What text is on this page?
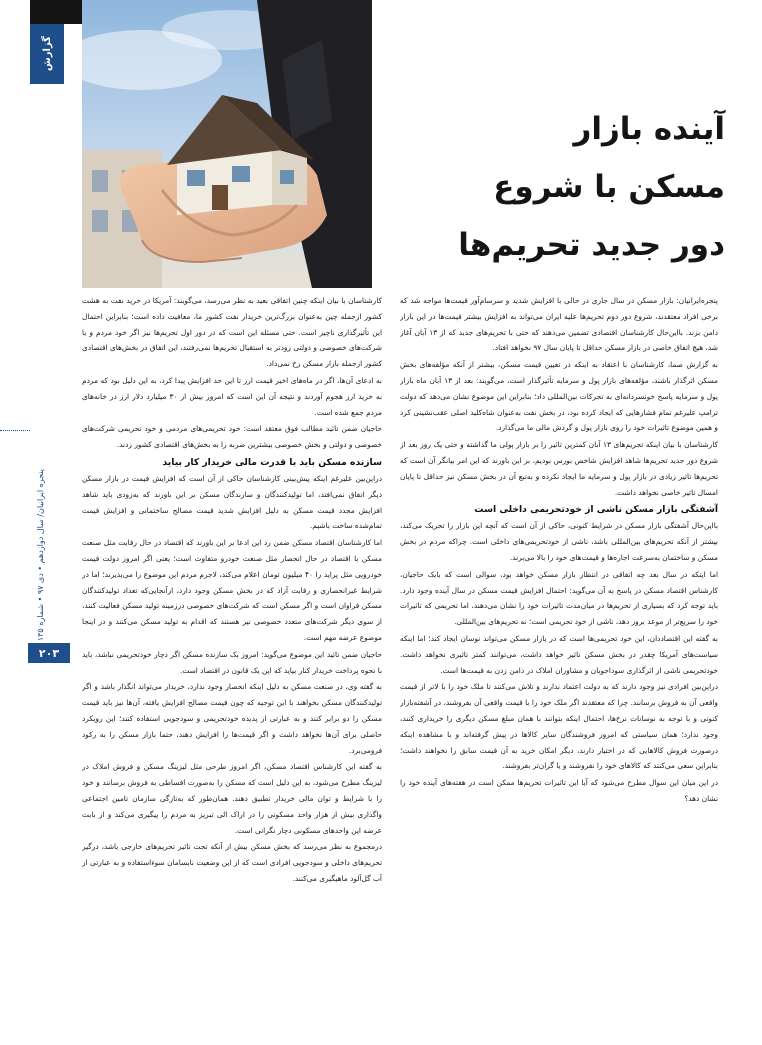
گزارش
پنجره ایرانیان/ سال دوازدهم • دی ۹۷ • شماره ۱۳۵
۲۰۳
آینده بازار
مسکن با شروع
دور جدید تحریم‌ها

پنجره‌ایرانیان: بازار مسکن در سال جاری در حالی با افزایش شدید و سرسام‌آور قیمت‌ها مواجه شد که برخی افراد معتقدند، شروع دور دوم تحریم‌ها علیه ایران می‌تواند به افزایش بیشتر قیمت‌ها در این بازار دامن بزند. بااین‌حال کارشناسان اقتصادی تضمین می‌دهند که حتی با تحریم‌های جدید که از ۱۳ آبان آغاز شد، هیچ اتفاق خاصی در بازار مسکن حداقل تا پایان سال ۹۷ نخواهد افتاد.

به گزارش صما، کارشناسان با اعتقاد به اینکه در تعیین قیمت مسکن، بیشتر از آنکه مؤلفه‌های بخش مسکن اثرگذار باشند، مؤلفه‌های بازار پول و سرمایه تأثیرگذار است، می‌گویند: بعد از ۱۳ آبان ماه بازار پول و سرمایه پاسخ خونسردانه‌ای به تحرکات بین‌المللی داد؛ بنابراین این موضوع نشان می‌دهد که دولت ترامپ علیرغم تمام فشارهایی که ایجاد کرده بود، در بخش نفت به‌عنوان شاه‌کلید اصلی عقب‌نشینی کرد و همین موضوع تاثیرات خود را روی بازار پول و گردش مالی ما می‌گذارد.

کارشناسان با بیان اینکه تحریم‌های ۱۳ آبان کمترین تاثیر را بر بازار پولی ما گذاشته و حتی یک روز بعد از شروع دور جدید تحریم‌ها شاهد افزایش شاخص بورس بودیم، بر این باورند که این امر بیانگر آن است که تحریم‌ها تاثیر زیادی در بازار پول و سرمایه ما ایجاد نکرده و به‌تبع آن در بخش مسکن نیز حداقل تا پایان امسال تاثیر خاصی نخواهد داشت.

آشفتگی بازار مسکن ناشی از خودتحریمی داخلی است

بااین‌حال آشفتگی بازار مسکن در شرایط کنونی، حاکی از آن است که آنچه این بازار را تحریک می‌کند، بیشتر از آنکه تحریم‌های بین‌المللی باشد، ناشی از خودتحریمی‌های داخلی است. چراکه مردم در بخش مسکن و ساختمان به‌سرعت اجاره‌ها و قیمت‌های خود را بالا می‌برند.

اما اینکه در سال بعد چه اتفاقی در انتظار بازار مسکن خواهد بود، سوالی است که بابک حاجیان، کارشناس اقتصاد مسکن در پاسخ به آن می‌گوید: احتمال افزایش قیمت مسکن در سال آینده وجود دارد. باید توجه کرد که بسیاری از تحریم‌ها در میان‌مدت تاثیرات خود را نشان می‌دهند، اما تحریمی که تاثیرات خود را سریع‌تر از موعد بروز دهد، ناشی از خود تحریمی است؛ نه تحریم‌های بین‌المللی.

به گفته این اقتصاددان، این خود تحریمی‌ها است که در بازار مسکن می‌تواند نوسان ایجاد کند؛ اما اینکه سیاست‌های آمریکا چقدر در بخش مسکن تاثیر خواهد داشت، می‌توانند کمتر تاثیری نخواهد داشت. خودتحریمی ناشی از اثرگذاری سوداجویان و مشاوران املاک در دامن زدن به قیمت‌ها است.

دراین‌بین افرادی نیز وجود دارند که به دولت اعتماد ندارند و تلاش می‌کنند تا ملک خود را با لاتر از قیمت واقعی آن به فروش برسانند. چرا که معتقدند اگر ملک خود را با قیمت واقعی آن بفروشند، در آشفته‌بازار کنونی و با توجه به نوسانات نرخ‌ها، احتمال اینکه بتوانند با همان مبلغ مسکن دیگری را خریداری کنند، وجود ندارد؛ همان سیاستی که امروز فروشندگان سایر کالاها در پیش گرفته‌اند و با مشاهده اینکه درصورت فروش کالاهایی که در اختیار دارند، دیگر امکان خرید به آن قیمت سابق را نخواهند داشت؛ بنابراین سعی می‌کنند که کالاهای خود را نفروشند و یا گران‌تر بفروشند.

در این میان این سوال مطرح می‌شود که آیا این تاثیرات تحریم‌ها ممکن است در هفته‌های آینده خود را نشان دهد؟

کارشناسان با بیان اینکه چنین اتفاقی بعید به نظر می‌رسد، می‌گویند: آمریکا در خرید نفت به هشت کشور ازجمله چین به‌عنوان بزرگ‌ترین خریدار نفت کشور ما، معافیت داده است؛ بنابراین احتمال این تأثیرگذاری ناچیز است. حتی مسئله این است که در دور اول تحریم‌ها نیز اگر خود مردم و یا شرکت‌های خصوصی و دولتی زودتر به استقبال تحریم‌ها نمی‌رفتند، این اتفاق در بخش‌های اقتصادی کشور ازجمله بازار مسکن رخ نمی‌داد.

به ادعای آن‌ها، اگر در ماه‌های اخیر قیمت ارز تا این حد افزایش پیدا کرد، به این دلیل بود که مردم به خرید ارز هجوم آوردند و نتیجه آن این است که امروز بیش از ۳۰ میلیارد دلار ارز در خانه‌های مردم جمع شده است.

حاجیان ضمن تائید مطالب فوق معتقد است: خود تحریمی‌های مردمی و خود تحریمی شرکت‌های خصوصی و دولتی و بخش خصوصی بیشترین ضربه را به بخش‌های اقتصادی کشور زدند.

سازنده مسکن باید با قدرت مالی خریدار کار بیاید

دراین‌بین علیرغم اینکه پیش‌بینی کارشناسان حاکی از آن است که افزایش قیمت در بازار مسکن دیگر اتفاق نمی‌افتد، اما تولیدکنندگان و سازندگان مسکن بر این باورند که به‌زودی باید شاهد افزایش مجدد قیمت مسکن به دلیل افزایش شدید قیمت مصالح ساختمانی و افزایش قیمت تمام‌شده ساخت باشیم.

اما کارشناسان اقتصاد مسکن ضمن رد این ادعا بر این باورند که اقتصاد در حال رقابت مثل صنعت مسکن با اقتصاد در حال انحصار مثل صنعت خودرو متفاوت است؛ یعنی اگر امروز دولت قیمت خودرویی مثل پراید را ۴۰ میلیون تومان اعلام می‌کند، لاجرم مردم این موضوع را می‌پذیرند؛ اما در شرایط غیرانحصاری و رقابت آزاد که در بخش مسکن وجود دارد، ازآنجایی‌که تعداد تولیدکنندگان مسکن فراوان است و اگر مسکن است که شرکت‌های خصوصی درزمینه تولید مسکن فعالیت کنند، از سوی دیگر شرکت‌های متعدد خصوصی نیز هستند که اقدام به تولید مسکن می‌کنند و در اینجا موضوع عرضه مهم است.

حاجیان ضمن تائید این موضوع می‌گوید: امروز یک سازنده مسکن اگر دچار خودتحریمی نباشد، باید با نحوه پرداخت خریدار کنار بیاید که این یک قانون در اقتصاد است.

به گفته وی، در صنعت مسکن به دلیل اینکه انحصار وجود ندارد، خریدار می‌تواند انگذار باشد و اگر تولیدکنندگان مسکن بخواهند با این توجیه که چون قیمت مصالح افزایش یافته، آن‌ها نیز باید قیمت مسکن را دو برابر کنند و به عبارتی از پدیده خودتحریمی و سودجویی استفاده کنند؛ این رویکرد حاصلی برای آن‌ها نخواهد داشت و اگر قیمت‌ها را افزایش دهند، حتما بازار مسکن را به رکود فرومی‌برد.

به گفته این کارشناس اقتصاد مسکن، اگر امروز طرحی مثل لیزینگ مسکن و فروش املاک در لیزینگ مطرح می‌شود، به این دلیل است که مسکن را به‌صورت اقساطی به فروش برسانند و خود را با شرایط و توان مالی خریدار تطبیق دهند. همان‌طور که به‌تازگی سازمان تامین اجتماعی واگذاری بیش از هزار واحد مسکونی را در اراک الی تبریز به مردم را پیگیری می‌کند و از بابت عرضه این واحدهای مسکونی دچار نگرانی است.

درمجموع به نظر می‌رسد که بخش مسکن بیش از آنکه تحت تاثیر تحریم‌های خارجی باشد، درگیر تحریم‌های داخلی و سودجویی افرادی است که از این وضعیت نابسامان سوءاستفاده و به عبارتی از آب گل‌آلود ماهیگیری می‌کنند.
